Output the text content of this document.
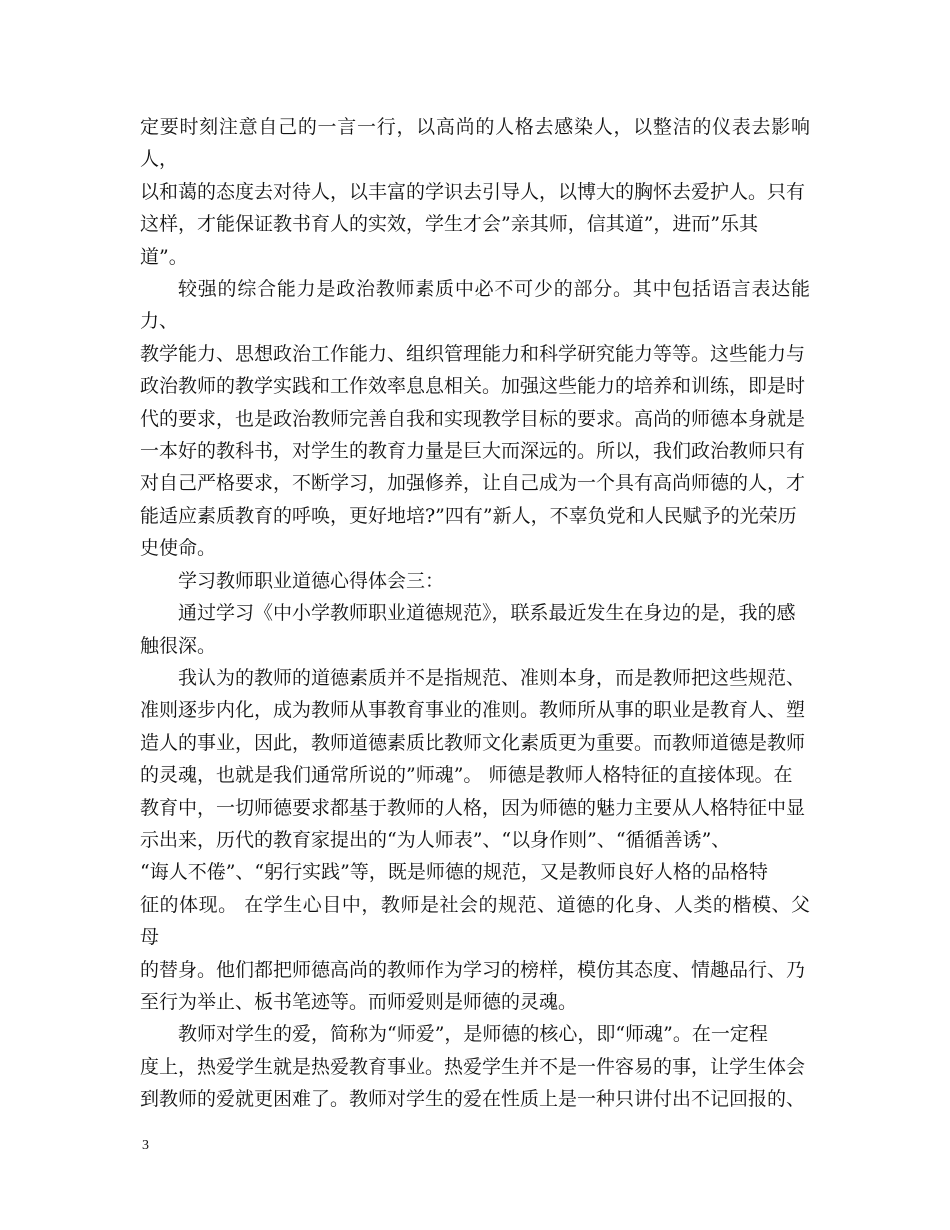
定要时刻注意自己的一言一行，以高尚的人格去感染人，以整洁的仪表去影响人，
以和蔼的态度去对待人，以丰富的学识去引导人，以博大的胸怀去爱护人。只有
这样，才能保证教书育人的实效，学生才会”亲其师，信其道”，进而”乐其
道”。

较强的综合能力是政治教师素质中必不可少的部分。其中包括语言表达能力、
教学能力、思想政治工作能力、组织管理能力和科学研究能力等等。这些能力与
政治教师的教学实践和工作效率息息相关。加强这些能力的培养和训练，即是时
代的要求，也是政治教师完善自我和实现教学目标的要求。高尚的师德本身就是
一本好的教科书，对学生的教育力量是巨大而深远的。所以，我们政治教师只有
对自己严格要求，不断学习，加强修养，让自己成为一个具有高尚师德的人，才
能适应素质教育的呼唤，更好地培?”四有”新人，不辜负党和人民赋予的光荣历
史使命。

学习教师职业道德心得体会三：

通过学习《中小学教师职业道德规范》，联系最近发生在身边的是，我的感
触很深。

我认为的教师的道德素质并不是指规范、准则本身，而是教师把这些规范、
准则逐步内化，成为教师从事教育事业的准则。教师所从事的职业是教育人、塑
造人的事业，因此，教师道德素质比教师文化素质更为重要。而教师道德是教师
的灵魂，也就是我们通常所说的”师魂”。 师德是教师人格特征的直接体现。在
教育中，一切师德要求都基于教师的人格，因为师德的魅力主要从人格特征中显
示出来，历代的教育家提出的“为人师表”、“以身作则”、“循循善诱”、
“诲人不倦”、“躬行实践”等，既是师德的规范，又是教师良好人格的品格特
征的体现。 在学生心目中，教师是社会的规范、道德的化身、人类的楷模、父母
的替身。他们都把师德高尚的教师作为学习的榜样，模仿其态度、情趣品行、乃
至行为举止、板书笔迹等。而师爱则是师德的灵魂。

教师对学生的爱，简称为“师爱”，是师德的核心，即“师魂”。在一定程
度上，热爱学生就是热爱教育事业。热爱学生并不是一件容易的事，让学生体会
到教师的爱就更困难了。教师对学生的爱在性质上是一种只讲付出不记回报的、

3
